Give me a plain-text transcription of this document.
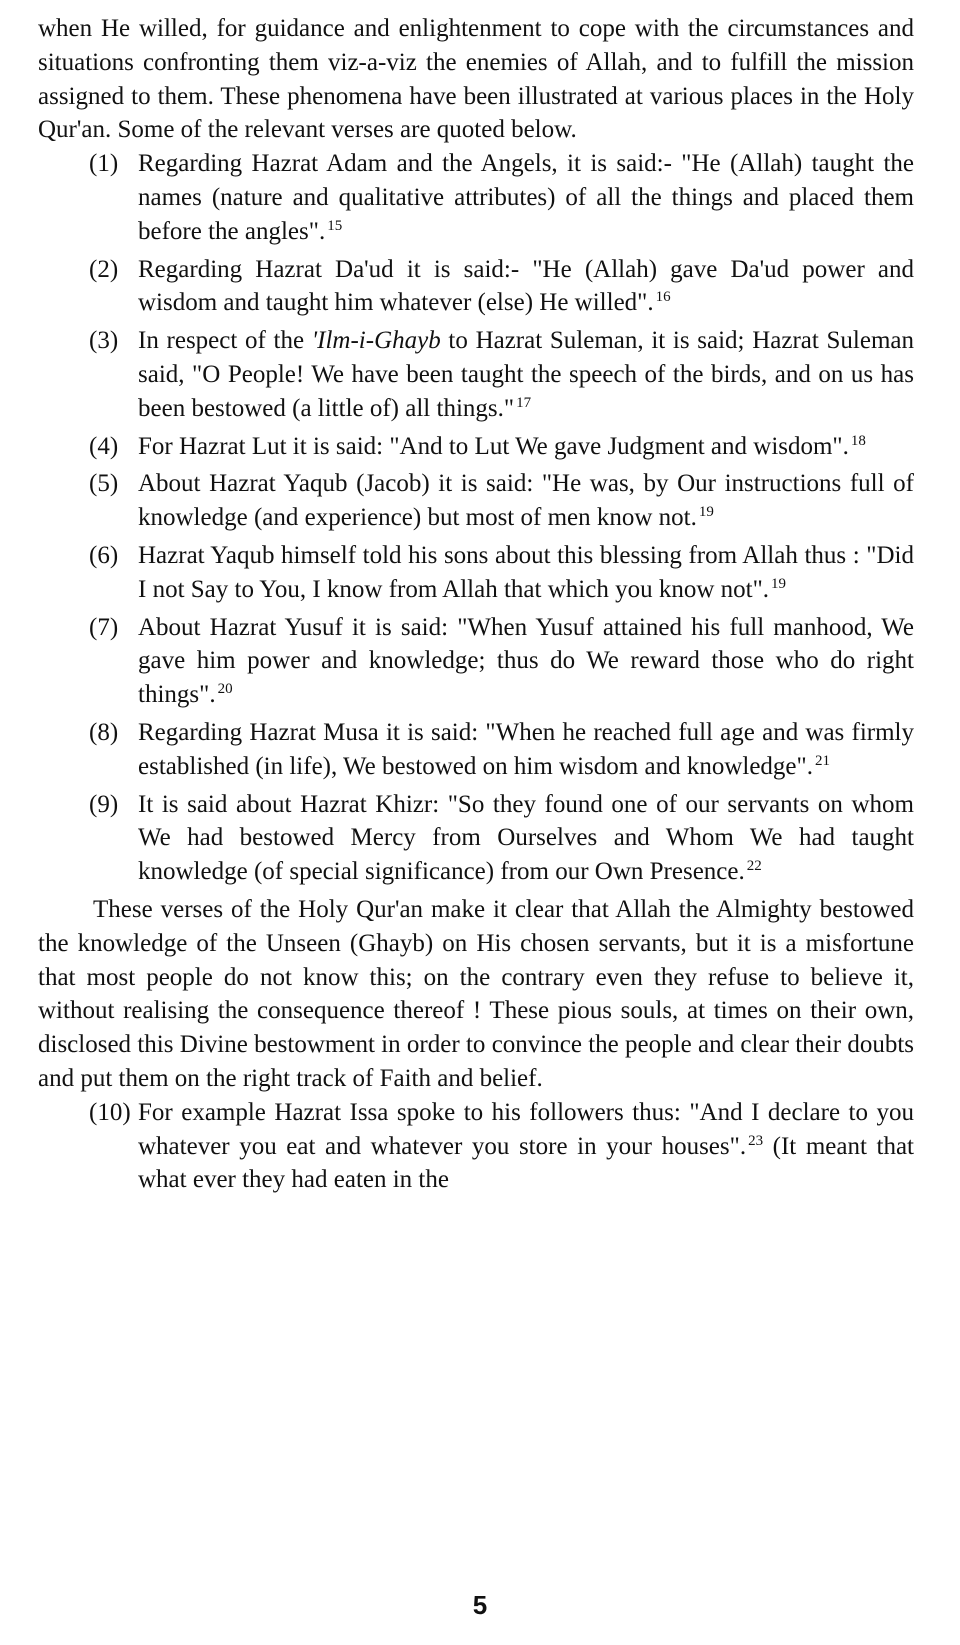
when He willed, for guidance and enlightenment to cope with the circumstances and situations confronting them viz-a-viz the enemies of Allah, and to fulfill the mission assigned to them. These phenomena have been illustrated at various places in the Holy Qur'an. Some of the relevant verses are quoted below.

(1) Regarding Hazrat Adam and the Angels, it is said:- "He (Allah) taught the names (nature and qualitative attributes) of all the things and placed them before the angles". $^{15}$
(2) Regarding Hazrat Da'ud it is said:- "He (Allah) gave Da'ud power and wisdom and taught him whatever (else) He willed". $^{16}$
(3) In respect of the 'Ilm-i-Ghayb to Hazrat Suleman, it is said; Hazrat Suleman said, "O People! We have been taught the speech of the birds, and on us has been bestowed (a little of) all things." $^{17}$
(4) For Hazrat Lut it is said: "And to Lut We gave Judgment and wisdom". $^{18}$
(5) About Hazrat Yaqub (Jacob) it is said: "He was, by Our instructions full of knowledge (and experience) but most of men know not. $^{19}$
(6) Hazrat Yaqub himself told his sons about this blessing from Allah thus : "Did I not Say to You, I know from Allah that which you know not". $^{19}$
(7) About Hazrat Yusuf it is said: "When Yusuf attained his full manhood, We gave him power and knowledge; thus do We reward those who do right things". $^{20}$
(8) Regarding Hazrat Musa it is said: "When he reached full age and was firmly established (in life), We bestowed on him wisdom and knowledge". $^{21}$
(9) It is said about Hazrat Khizr: "So they found one of our servants on whom We had bestowed Mercy from Ourselves and Whom We had taught knowledge (of special significance) from our Own Presence. $^{22}$

These verses of the Holy Qur'an make it clear that Allah the Almighty bestowed the knowledge of the Unseen (Ghayb) on His chosen servants, but it is a misfortune that most people do not know this; on the contrary even they refuse to believe it, without realising the consequence thereof ! These pious souls, at times on their own, disclosed this Divine bestowment in order to convince the people and clear their doubts and put them on the right track of Faith and belief.

(10) For example Hazrat Issa spoke to his followers thus: "And I declare to you whatever you eat and whatever you store in your houses". $^{23}$ (It meant that what ever they had eaten in the
5
